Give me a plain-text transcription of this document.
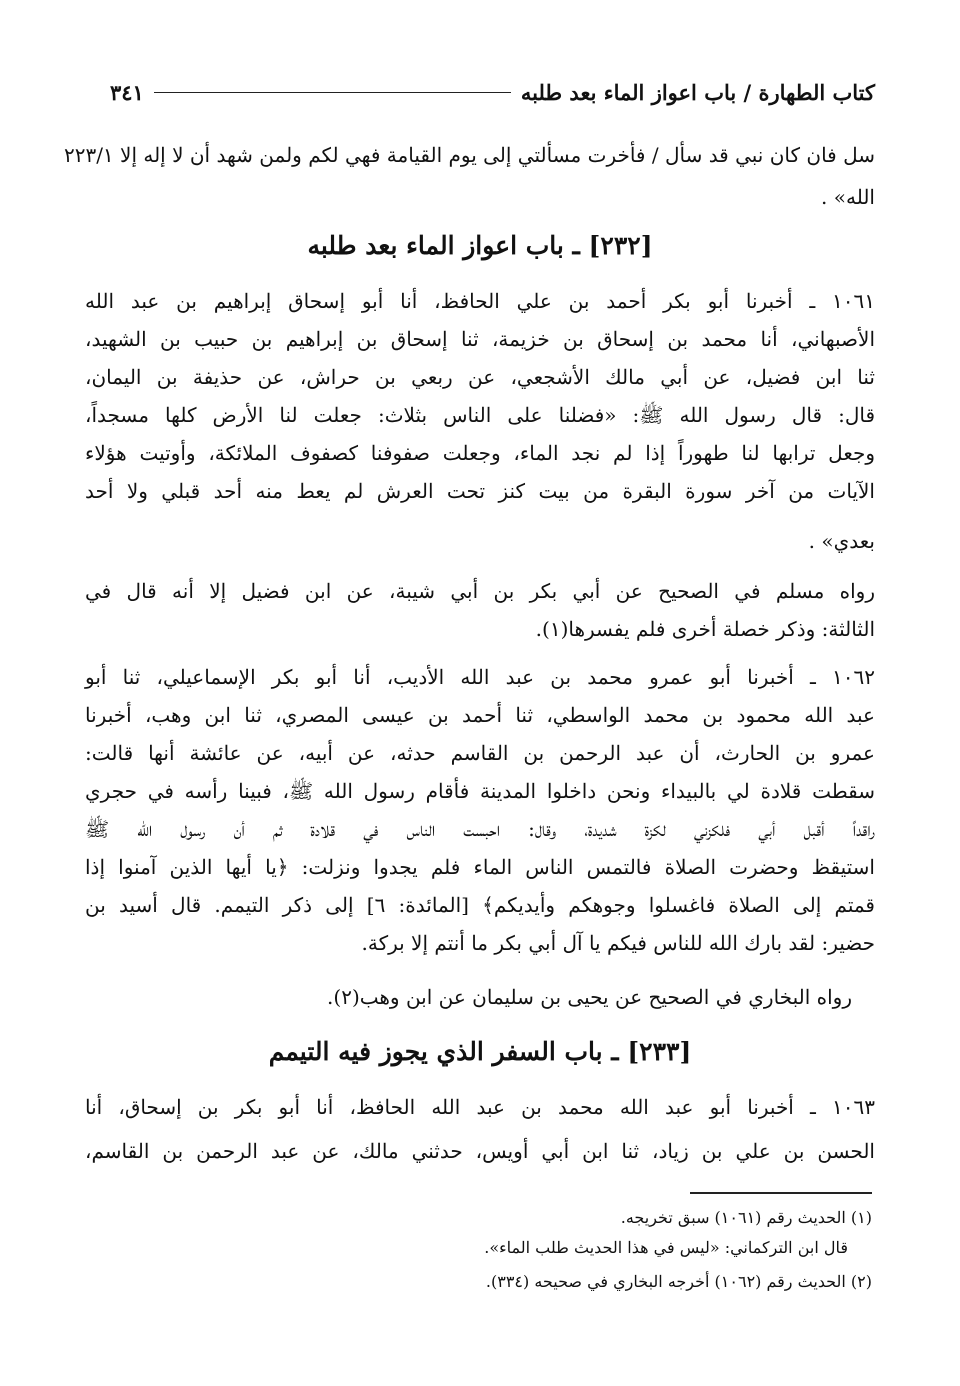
كتاب الطهارة / باب اعواز الماء بعد طلبه
٣٤١
سل فان كان نبي قد سأل / فأخرت مسألتي إلى يوم القيامة فهي لكم ولمن شهد أن لا إله إلا ٢٢٣/١
الله» .
[٢٣٢] ـ باب اعواز الماء بعد طلبه
١٠٦١ ـ أخبرنا أبو بكر أحمد بن علي الحافظ، أنا أبو إسحاق إبراهيم بن عبد الله
الأصبهاني، أنا محمد بن إسحاق بن خزيمة، ثنا إسحاق بن إبراهيم بن حبيب بن الشهيد،
ثنا ابن فضيل، عن أبي مالك الأشجعي، عن ربعي بن حراش، عن حذيفة بن اليمان،
قال: قال رسول الله ﷺ: «فضلنا على الناس بثلاث: جعلت لنا الأرض كلها مسجداً،
وجعل ترابها لنا طهوراً إذا لم نجد الماء، وجعلت صفوفنا كصفوف الملائكة، وأوتيت هؤلاء
الآيات من آخر سورة البقرة من بيت كنز تحت العرش لم يعط منه أحد قبلي ولا أحد
بعدي» .
رواه مسلم في الصحيح عن أبي بكر بن أبي شيبة، عن ابن فضيل إلا أنه قال في
الثالثة: وذكر خصلة أخرى فلم يفسرها(١).
١٠٦٢ ـ أخبرنا أبو عمرو محمد بن عبد الله الأديب، أنا أبو بكر الإسماعيلي، ثنا أبو
عبد الله محمود بن محمد الواسطي، ثنا أحمد بن عيسى المصري، ثنا ابن وهب، أخبرنا
عمرو بن الحارث، أن عبد الرحمن بن القاسم حدثه، عن أبيه، عن عائشة أنها قالت:
سقطت قلادة لي بالبيداء ونحن داخلوا المدينة فأقام رسول الله ﷺ، فبينا رأسه في حجري
راقداً أقبل أبي فلكزني لكزة شديدة، وقال: احبست الناس في قلادة ثم أن رسول الله ﷺ
استيقظ وحضرت الصلاة فالتمس الناس الماء فلم يجدوا ونزلت: ﴿يا أيها الذين آمنوا إذا
قمتم إلى الصلاة فاغسلوا وجوهكم وأيديكم﴾ [المائدة: ٦] إلى ذكر التيمم. قال أسيد بن
حضير: لقد بارك الله للناس فيكم يا آل أبي بكر ما أنتم إلا بركة.
رواه البخاري في الصحيح عن يحيى بن سليمان عن ابن وهب(٢).
[٢٣٣] ـ باب السفر الذي يجوز فيه التيمم
١٠٦٣ ـ أخبرنا أبو عبد الله محمد بن عبد الله الحافظ، أنا أبو بكر بن إسحاق، أنا
الحسن بن علي بن زياد، ثنا ابن أبي أويس، حدثني مالك، عن عبد الرحمن بن القاسم،
(١) الحديث رقم (١٠٦١) سبق تخريجه.
قال ابن التركماني: «ليس في هذا الحديث طلب الماء».
(٢) الحديث رقم (١٠٦٢) أخرجه البخاري في صحيحه (٣٣٤).
